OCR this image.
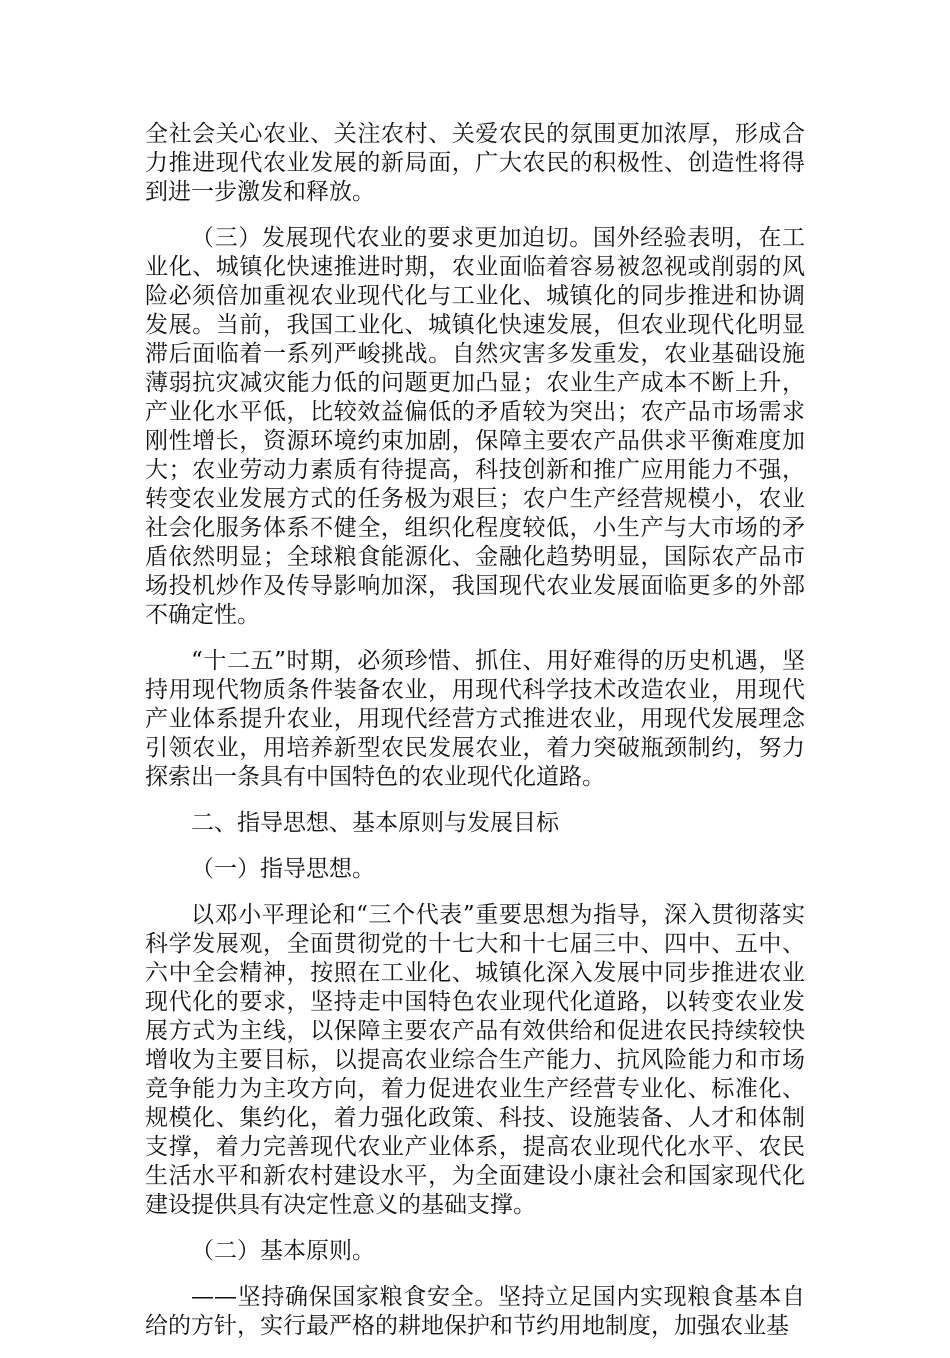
全社会关心农业、关注农村、关爱农民的氛围更加浓厚，形成合力推进现代农业发展的新局面，广大农民的积极性、创造性将得到进一步激发和释放。

（三）发展现代农业的要求更加迫切。国外经验表明，在工业化、城镇化快速推进时期，农业面临着容易被忽视或削弱的风险必须倍加重视农业现代化与工业化、城镇化的同步推进和协调发展。当前，我国工业化、城镇化快速发展，但农业现代化明显滞后面临着一系列严峻挑战。自然灾害多发重发，农业基础设施薄弱抗灾减灾能力低的问题更加凸显；农业生产成本不断上升，产业化水平低，比较效益偏低的矛盾较为突出；农产品市场需求刚性增长，资源环境约束加剧，保障主要农产品供求平衡难度加大；农业劳动力素质有待提高，科技创新和推广应用能力不强，转变农业发展方式的任务极为艰巨；农户生产经营规模小，农业社会化服务体系不健全，组织化程度较低，小生产与大市场的矛盾依然明显；全球粮食能源化、金融化趋势明显，国际农产品市场投机炒作及传导影响加深，我国现代农业发展面临更多的外部不确定性。

“十二五”时期，必须珍惜、抓住、用好难得的历史机遇，坚持用现代物质条件装备农业，用现代科学技术改造农业，用现代产业体系提升农业，用现代经营方式推进农业，用现代发展理念引领农业，用培养新型农民发展农业，着力突破瓶颈制约，努力探索出一条具有中国特色的农业现代化道路。

二、指导思想、基本原则与发展目标

（一）指导思想。

以邓小平理论和“三个代表”重要思想为指导，深入贯彻落实科学发展观，全面贯彻党的十七大和十七届三中、四中、五中、六中全会精神，按照在工业化、城镇化深入发展中同步推进农业现代化的要求，坚持走中国特色农业现代化道路，以转变农业发展方式为主线，以保障主要农产品有效供给和促进农民持续较快增收为主要目标，以提高农业综合生产能力、抗风险能力和市场竞争能力为主攻方向，着力促进农业生产经营专业化、标准化、规模化、集约化，着力强化政策、科技、设施装备、人才和体制支撑，着力完善现代农业产业体系，提高农业现代化水平、农民生活水平和新农村建设水平，为全面建设小康社会和国家现代化建设提供具有决定性意义的基础支撑。

（二）基本原则。

——坚持确保国家粮食安全。坚持立足国内实现粮食基本自给的方针，实行最严格的耕地保护和节约用地制度，加强农业基
